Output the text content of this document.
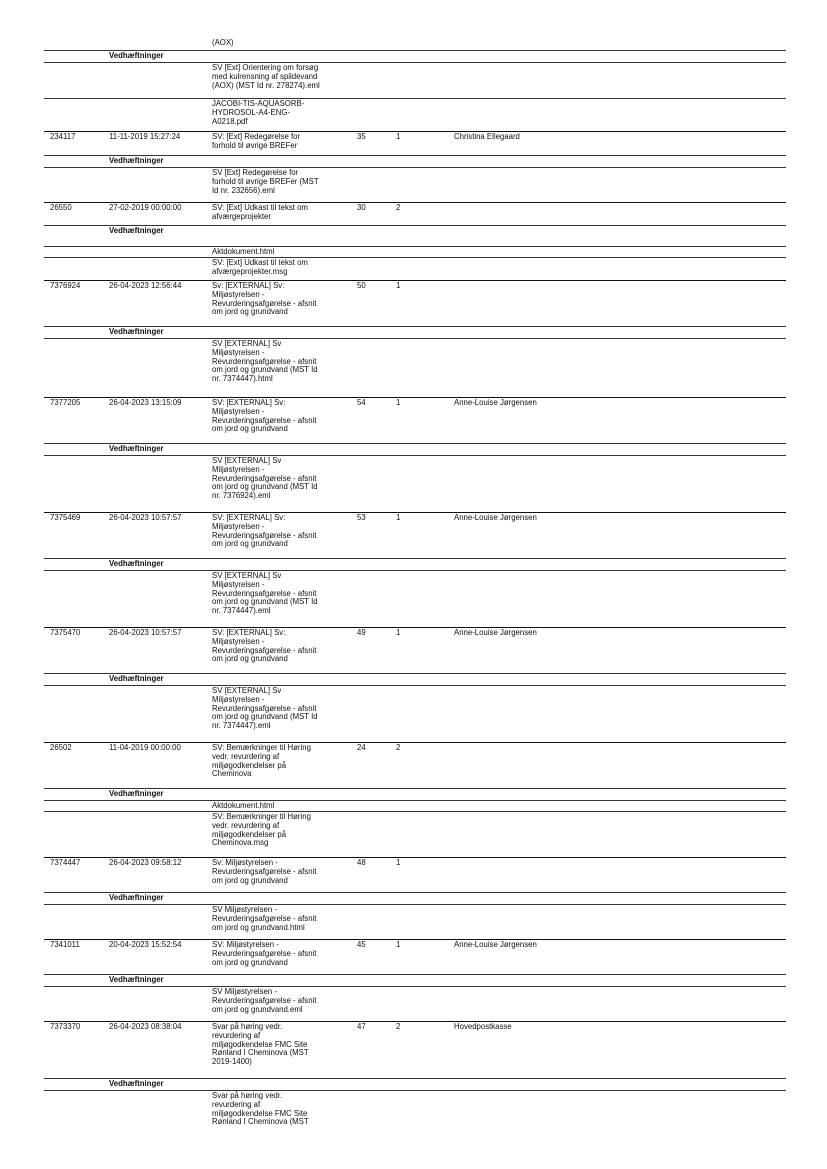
(AOX)
Vedhæftninger
SV [Ext] Orientering om forsøg
med kulrensning af spildevand
(AOX) (MST Id nr. 278274).eml
JACOBI-TIS-AQUASORB-
HYDROSOL-A4-ENG-
A0218.pdf
234117	11-11-2019 15:27:24	SV: [Ext] Redegørelse for
forhold til øvrige BREFer
35	1	Christina Ellegaard
Vedhæftninger
SV [Ext] Redegørelse for
forhold til øvrige BREFer (MST
Id nr. 232656).eml
26550	27-02-2019 00:00:00	SV: [Ext] Udkast til tekst om
afværgeprojekter
30	2
Vedhæftninger
Aktdokument.html
SV: [Ext] Udkast til tekst om
afværgeprojekter.msg
7376924	26-04-2023 12:56:44	Sv: [EXTERNAL] Sv:
Miljøstyrelsen -
Revurderingsafgørelse - afsnit
om jord og grundvand
50	1
Vedhæftninger
SV [EXTERNAL] Sv
Miljøstyrelsen -
Revurderingsafgørelse - afsnit
om jord og grundvand (MST Id
nr. 7374447).html
7377205	26-04-2023 13:15:09	SV: [EXTERNAL] Sv:
Miljøstyrelsen -
Revurderingsafgørelse - afsnit
om jord og grundvand
54	1	Anne-Louise Jørgensen
Vedhæftninger
SV [EXTERNAL] Sv
Miljøstyrelsen -
Revurderingsafgørelse - afsnit
om jord og grundvand (MST Id
nr. 7376924).eml
7375469	26-04-2023 10:57:57	SV: [EXTERNAL] Sv:
Miljøstyrelsen -
Revurderingsafgørelse - afsnit
om jord og grundvand
53	1	Anne-Louise Jørgensen
Vedhæftninger
SV [EXTERNAL] Sv
Miljøstyrelsen -
Revurderingsafgørelse - afsnit
om jord og grundvand (MST Id
nr. 7374447).eml
7375470	26-04-2023 10:57:57	SV: [EXTERNAL] Sv:
Miljøstyrelsen -
Revurderingsafgørelse - afsnit
om jord og grundvand
49	1	Anne-Louise Jørgensen
Vedhæftninger
SV [EXTERNAL] Sv
Miljøstyrelsen -
Revurderingsafgørelse - afsnit
om jord og grundvand (MST Id
nr. 7374447).eml
26502	11-04-2019 00:00:00	SV: Bemærkninger til Høring
vedr. revurdering af
miljøgodkendelser på
Cheminova
24	2
Vedhæftninger
Aktdokument.html
SV: Bemærkninger til Høring
vedr. revurdering af
miljøgodkendelser på
Cheminova.msg
7374447	26-04-2023 09:58:12	Sv: Miljøstyrelsen -
Revurderingsafgørelse - afsnit
om jord og grundvand
48	1
Vedhæftninger
SV Miljøstyrelsen -
Revurderingsafgørelse - afsnit
om jord og grundvand.html
7341011	20-04-2023 15:52:54	SV: Miljøstyrelsen -
Revurderingsafgørelse - afsnit
om jord og grundvand
45	1	Anne-Louise Jørgensen
Vedhæftninger
SV Miljøstyrelsen -
Revurderingsafgørelse - afsnit
om jord og grundvand.eml
7373370	26-04-2023 08:38:04	Svar på høring vedr.
revurdering af
miljøgodkendelse FMC Site
Rønland I Cheminova (MST
2019-1400)
47	2	Hovedpostkasse
Vedhæftninger
Svar på høring vedr.
revurdering af
miljøgodkendelse FMC Site
Rønland I Cheminova (MST
